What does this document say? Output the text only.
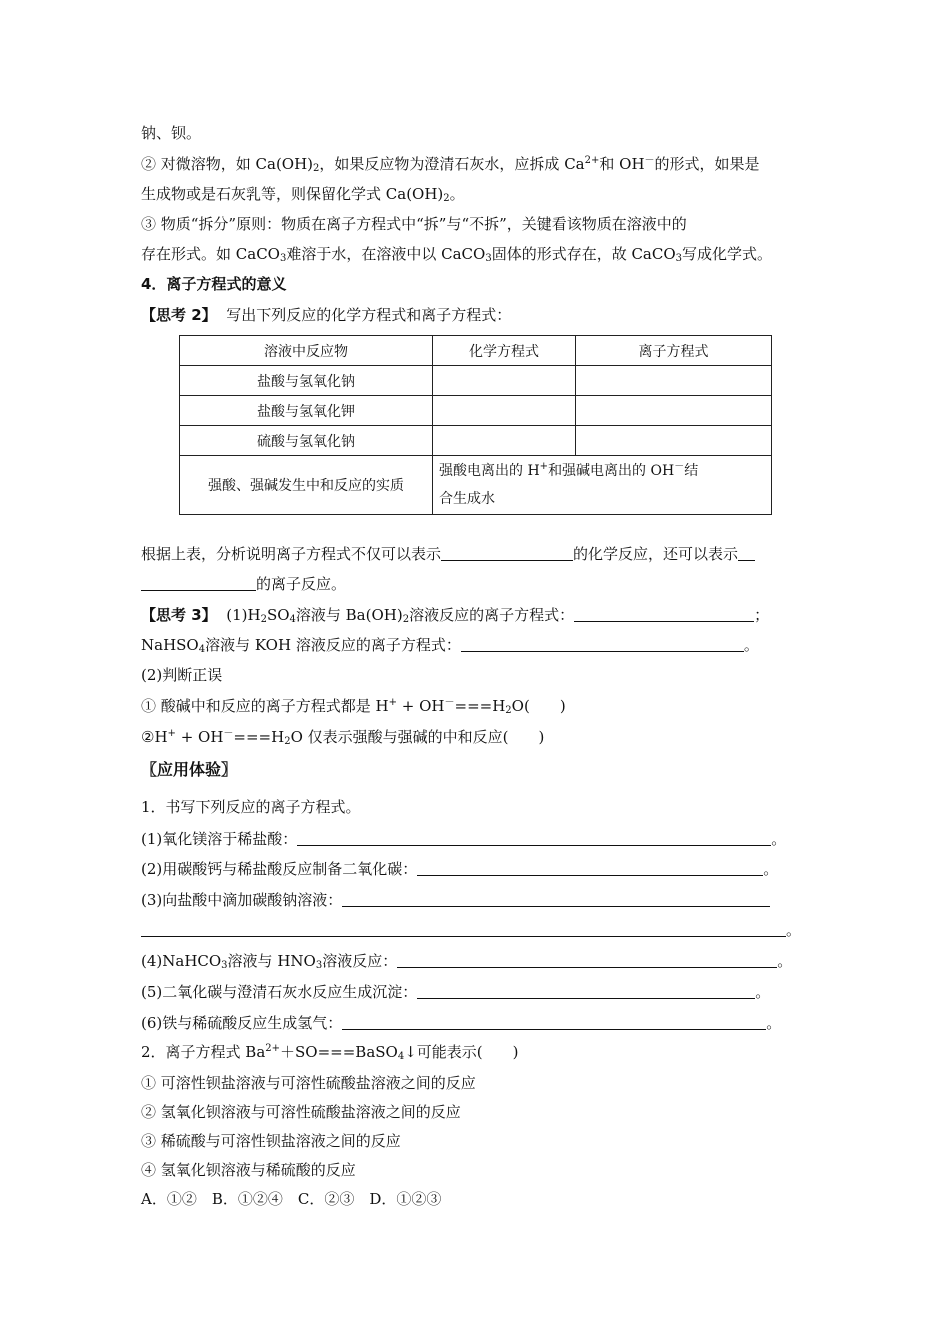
钠、钡。
② 对微溶物，如 $Ca(OH)_2$，如果反应物为澄清石灰水，应拆成 $Ca^{2+}$和 OH－的形式，如果是
生成物或是石灰乳等，则保留化学式 $Ca(OH)_2$。
③ 物质“拆分”原则：物质在离子方程式中“拆”与“不拆”，关键看该物质在溶液中的
存在形式。如 CaCO$_3$难溶于水，在溶液中以 CaCO$_3$固体的形式存在，故 CaCO$_3$写成化学式。
4．离子方程式的意义
【思考 2】 写出下列反应的化学方程式和离子方程式：
溶液中反应物	化学方程式	离子方程式
盐酸与氢氧化钠		
盐酸与氢氧化钾		
硫酸与氢氧化钠		
强酸、强碱发生中和反应的实质	强酸电离出的 H+和强碱电离出的 OH－结
合生成水	
根据上表，分析说明离子方程式不仅可以表示	的化学反应，还可以表示
的离子反应。
【思考 3】 $(1)H_2SO_4$溶液与 $Ba(OH)_2$溶液反应的离子方程式：	；
NaHSO$_4$溶液与 KOH 溶液反应的离子方程式：	。
(2)判断正误
① 酸碱中和反应的离子方程式都是 $H^+ + OH^-===H_2O$(　　)
②H+ + $OH^-===H_2O$ 仅表示强酸与强碱的中和反应(　　)
〖应用体验〗
1．书写下列反应的离子方程式。
(1)氧化镁溶于稀盐酸：	。
(2)用碳酸钙与稀盐酸反应制备二氧化碳：	。
(3)向盐酸中滴加碳酸钠溶液：
。
(4)NaHCO$_3$溶液与 $HNO_3$溶液反应：	。
(5)二氧化碳与澄清石灰水反应生成沉淀：	。
(6)铁与稀硫酸反应生成氢气：	。
2．离子方程式 $Ba^{2+}+SO===BaSO_4↓$可能表示(　　)
① 可溶性钡盐溶液与可溶性硫酸盐溶液之间的反应
② 氢氧化钡溶液与可溶性硫酸盐溶液之间的反应
③ 稀硫酸与可溶性钡盐溶液之间的反应
④ 氢氧化钡溶液与稀硫酸的反应
A．①②　B．①②④　C．②③　D．①②③
